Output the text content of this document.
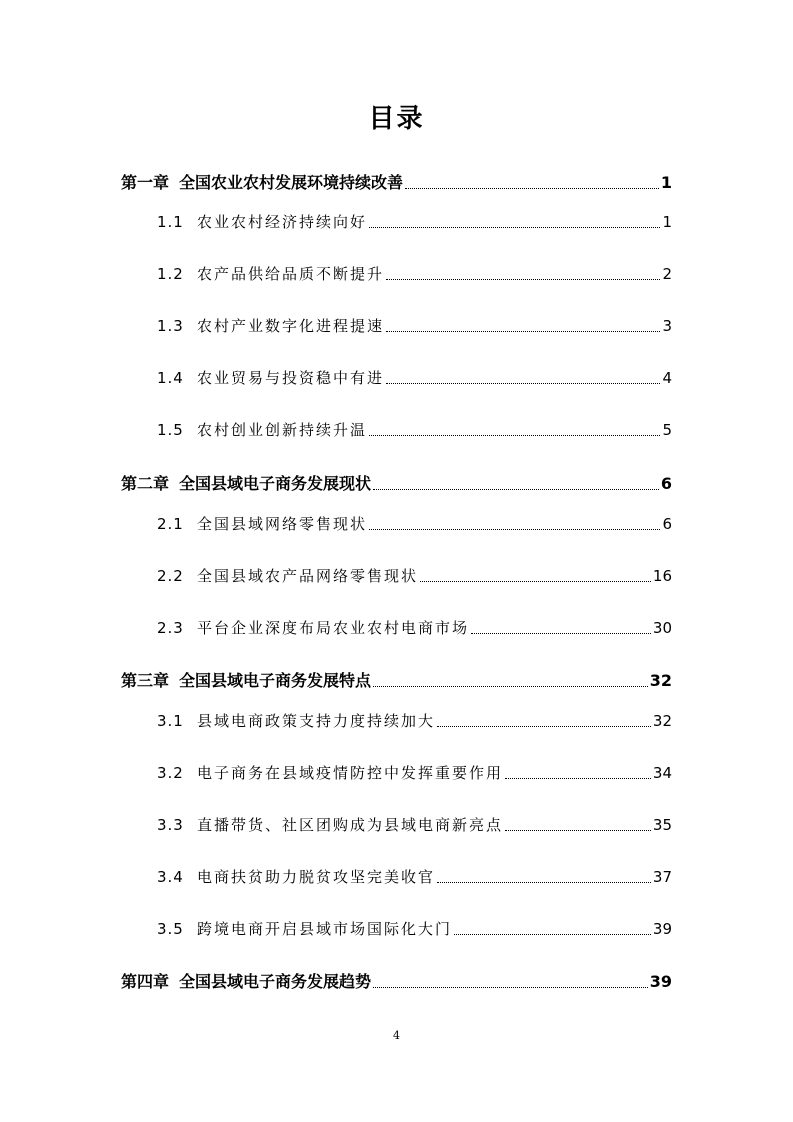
目录
第一章 全国农业农村发展环境持续改善	1
1.1 农业农村经济持续向好	1
1.2 农产品供给品质不断提升	2
1.3 农村产业数字化进程提速	3
1.4 农业贸易与投资稳中有进	4
1.5 农村创业创新持续升温	5
第二章 全国县域电子商务发展现状	6
2.1 全国县域网络零售现状	6
2.2 全国县域农产品网络零售现状	16
2.3 平台企业深度布局农业农村电商市场	30
第三章 全国县域电子商务发展特点	32
3.1 县域电商政策支持力度持续加大	32
3.2 电子商务在县域疫情防控中发挥重要作用	34
3.3 直播带货、社区团购成为县域电商新亮点	35
3.4 电商扶贫助力脱贫攻坚完美收官	37
3.5 跨境电商开启县域市场国际化大门	39
第四章 全国县域电子商务发展趋势	39
4
